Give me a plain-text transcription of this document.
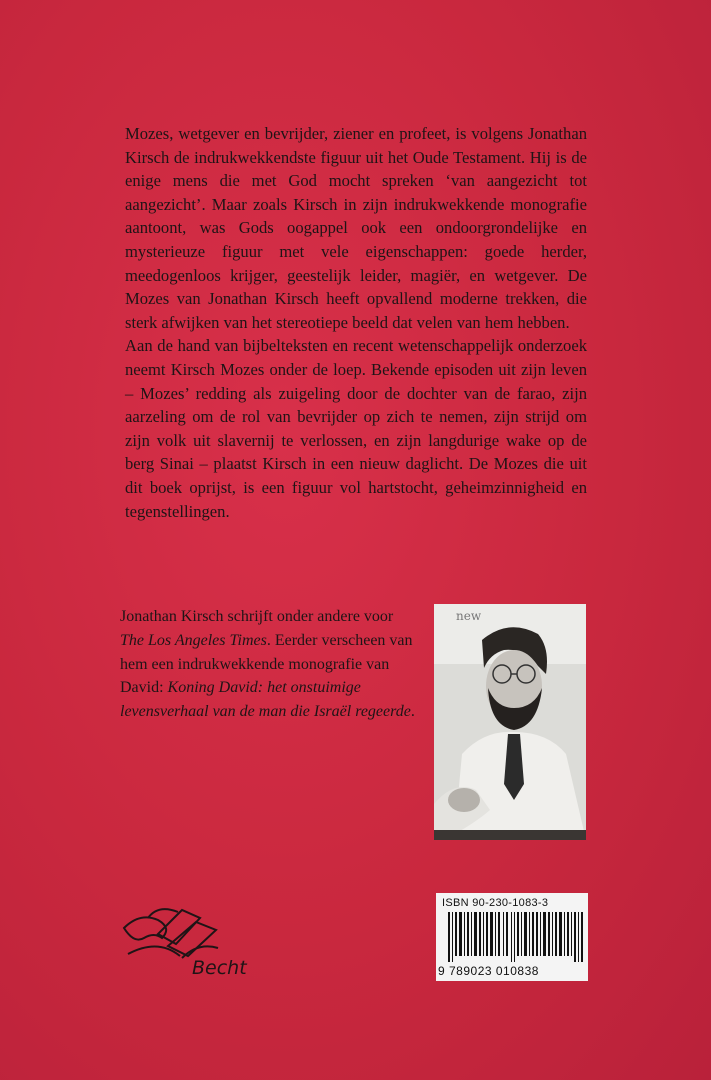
Mozes, wetgever en bevrijder, ziener en profeet, is volgens Jonathan Kirsch de indrukwekkendste figuur uit het Oude Testament. Hij is de enige mens die met God mocht spreken ‘van aangezicht tot aangezicht’. Maar zoals Kirsch in zijn indrukwekkende monografie aantoont, was Gods oogappel ook een ondoorgrondelijke en mysterieuze figuur met vele eigenschappen: goede herder, meedogenloos krijger, geestelijk leider, magiër, en wetgever. De Mozes van Jonathan Kirsch heeft opvallend moderne trekken, die sterk afwijken van het stereotiepe beeld dat velen van hem hebben.

Aan de hand van bijbelteksten en recent wetenschappelijk onderzoek neemt Kirsch Mozes onder de loep. Bekende episoden uit zijn leven – Mozes’ redding als zuigeling door de dochter van de farao, zijn aarzeling om de rol van bevrijder op zich te nemen, zijn strijd om zijn volk uit slavernij te verlossen, en zijn langdurige wake op de berg Sinai – plaatst Kirsch in een nieuw daglicht. De Mozes die uit dit boek oprijst, is een figuur vol hartstocht, geheimzinnigheid en tegenstellingen.

Jonathan Kirsch schrijft onder andere voor The Los Angeles Times. Eerder verscheen van hem een indrukwekkende monografie van David: Koning David: het onstuimige levensverhaal van de man die Israël regeerde.
new
Becht
ISBN 90-230-1083-3
9 789023 010838
